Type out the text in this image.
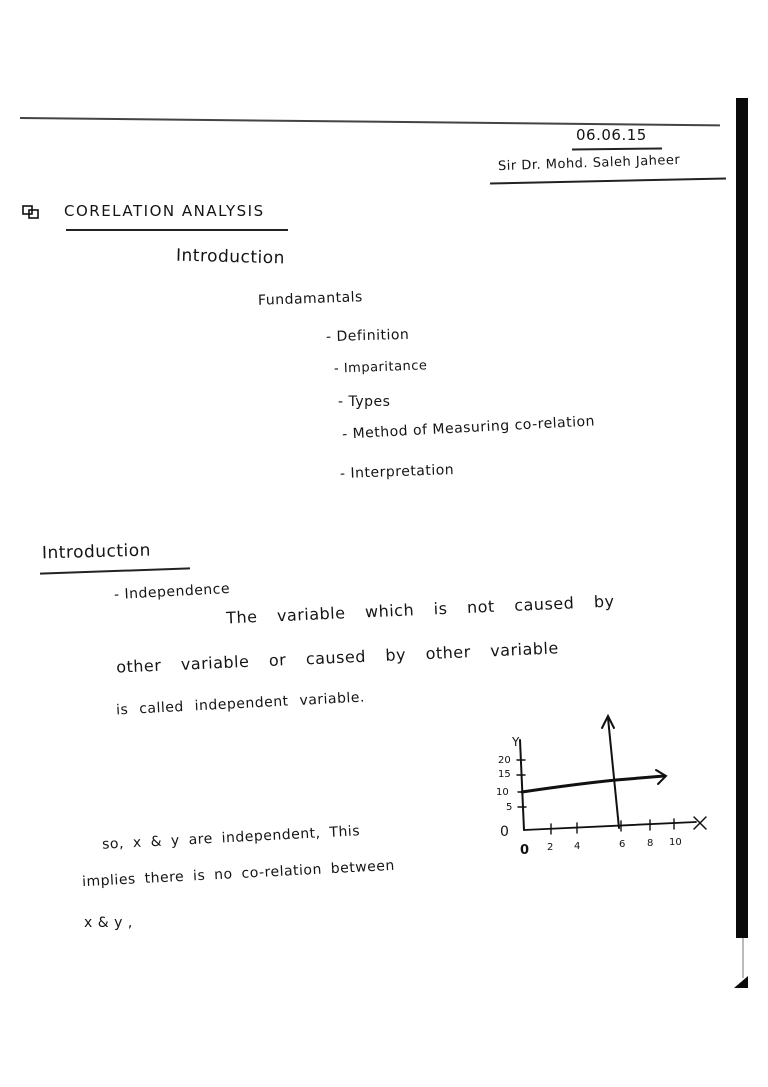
06.06.15
Sir Dr. Mohd. Saleh Jaheer
CORELATION ANALYSIS
Introduction
Fundamantals
- Definition
- Imparitance
- Types
- Method of Measuring co-relation
- Interpretation
Introduction
- Independence
The variable which is not caused by
other variable or caused by other variable
is called independent variable.
Y
20
15
10
5
0
0 2 4	6 8 10
so, x & y are independent, This
implies there is no co-relation between
x & y ,
